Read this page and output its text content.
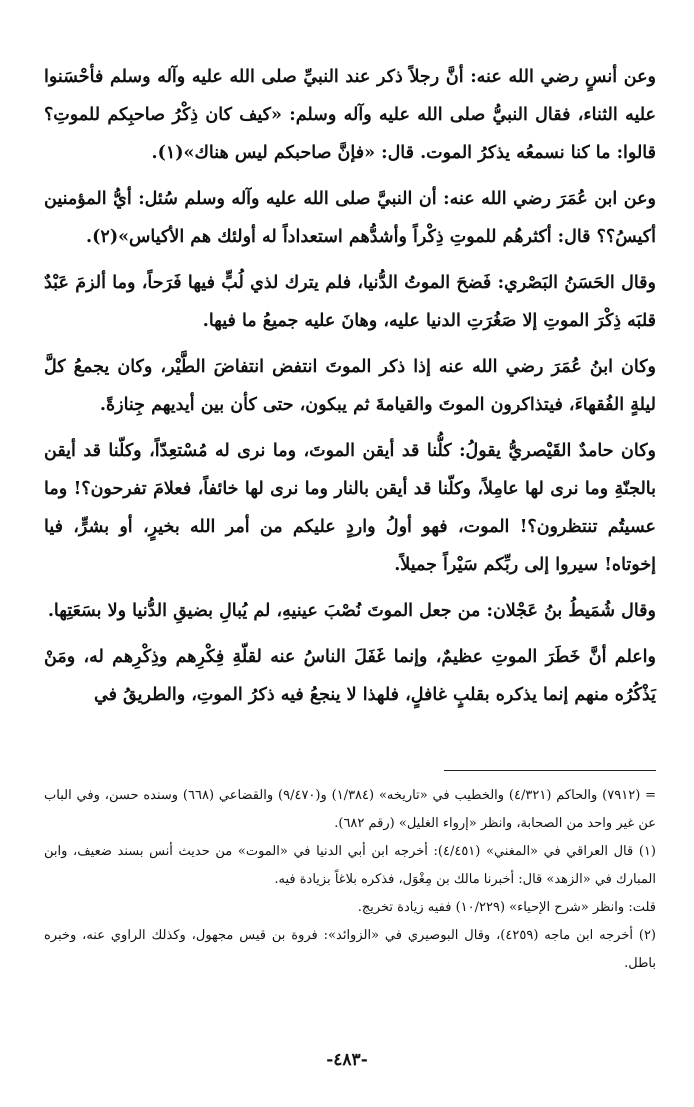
وعن أنسٍ رضي الله عنه: أنَّ رجلاً ذكر عند النبيِّ صلى الله عليه وآله وسلم فأحْسَنوا عليه الثناء، فقال النبيُّ صلى الله عليه وآله وسلم: «كيف كان ذِكْرُ صاحبِكم للموتِ؟ قالوا: ما كنا نسمعُه يذكرُ الموت. قال: «فإنَّ صاحبكم ليس هناك»(١).

وعن ابن عُمَرَ رضي الله عنه: أن النبيَّ صلى الله عليه وآله وسلم سُئل: أيُّ المؤمنين أكيسُ؟؟ قال: أكثرهُم للموتِ ذِكْراً وأشدُّهم استعداداً له أولئك هم الأكياس»(٢).

وقال الحَسَنُ البَصْري: فَضحَ الموتُ الدُّنيا، فلم يترك لذي لُبٍّ فيها فَرَحاً، وما ألزمَ عَبْدٌ قلبَه ذِكْرَ الموتِ إلا صَغُرَتِ الدنيا عليه، وهانَ عليه جميعُ ما فيها.

وكان ابنُ عُمَرَ رضي الله عنه إذا ذكر الموتَ انتفض انتفاضَ الطَّيْر، وكان يجمعُ كلَّ ليلةٍ الفُقهاءَ، فيتذاكرون الموتَ والقيامةَ ثم يبكون، حتى كأن بين أيديهم جِنازةً.

وكان حامدٌ القَيْصريُّ يقولُ: كلُّنا قد أيقن الموتَ، وما نرى له مُسْتعِدّاً، وكلّنا قد أيقن بالجنّةِ وما نرى لها عامِلاً، وكلّنا قد أيقن بالنار وما نرى لها خائفاً، فعلامَ تفرحون؟! وما عسيتُم تنتظرون؟! الموت، فهو أولُ واردٍ عليكم من أمر الله بخيرٍ، أو بشرٍّ، فيا إخوتاه! سيروا إلى ربِّكم سَيْراً جميلاً.

وقال شُمَيطُ بنُ عَجْلان: من جعل الموتَ نُصْبَ عينيهِ، لم يُبالِ بضيقِ الدُّنيا ولا بسَعَتِها.

واعلم أنَّ خَطَرَ الموتِ عظيمٌ، وإنما غَفَلَ الناسُ عنه لقلّةِ فِكْرِهم وذِكْرِهم له، ومَنْ يَذْكُرُه منهم إنما يذكره بقلبٍ غافلٍ، فلهذا لا ينجعُ فيه ذكرُ الموتِ، والطريقُ في

= (٧٩١٢) والحاكم (٤/٣٢١) والخطيب في «تاريخه» (١/٣٨٤) و(٩/٤٧٠) والقضاعي (٦٦٨) وسنده حسن، وفي الباب عن غير واحد من الصحابة، وانظر «إرواء الغليل» (رقم ٦٨٢).

(١) قال العراقي في «المغني» (٤/٤٥١): أخرجه ابن أبي الدنيا في «الموت» من حديث أنس بسند ضعيف، وابن المبارك في «الزهد» قال: أخبرنا مالك بن مِغْوَل، فذكره بلاغاً بزيادة فيه.

قلت: وانظر «شرح الإحياء» (١٠/٢٢٩) ففيه زيادة تخريج.

(٢) أخرجه ابن ماجه (٤٢٥٩)، وقال البوصيري في «الزوائد»: فروة بن قيس مجهول، وكذلك الراوي عنه، وخبره باطل.

-٤٨٣-
